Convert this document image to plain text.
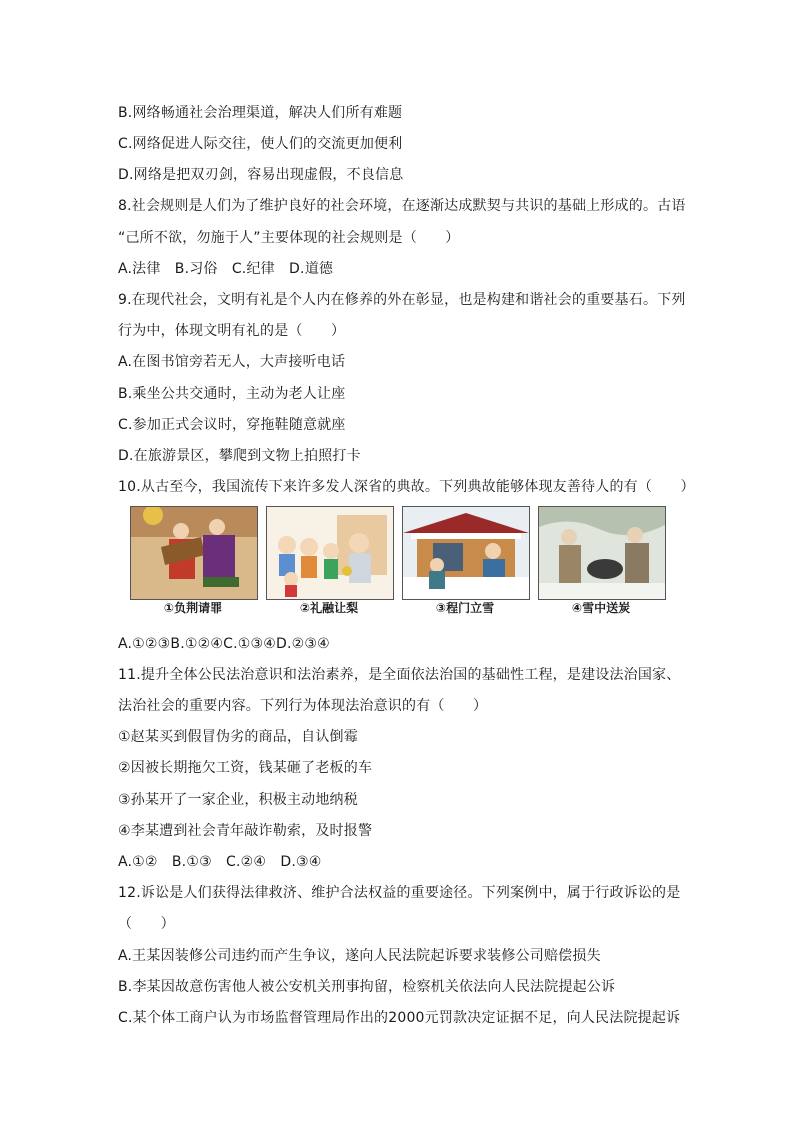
B.网络畅通社会治理渠道，解决人们所有难题
C.网络促进人际交往，使人们的交流更加便利
D.网络是把双刃剑，容易出现虚假，不良信息
8.社会规则是人们为了维护良好的社会环境，在逐渐达成默契与共识的基础上形成的。古语
“己所不欲，勿施于人”主要体现的社会规则是（　　）
A.法律　B.习俗　C.纪律　D.道德
9.在现代社会，文明有礼是个人内在修养的外在彰显，也是构建和谐社会的重要基石。下列
行为中，体现文明有礼的是（　　）
A.在图书馆旁若无人，大声接听电话
B.乘坐公共交通时，主动为老人让座
C.参加正式会议时，穿拖鞋随意就座
D.在旅游景区，攀爬到文物上拍照打卡
10.从古至今，我国流传下来许多发人深省的典故。下列典故能够体现友善待人的有（　　）
①负荆请罪	②礼融让梨	③程门立雪	④雪中送炭
A.①②③B.①②④C.①③④D.②③④
11.提升全体公民法治意识和法治素养，是全面依法治国的基础性工程，是建设法治国家、
法治社会的重要内容。下列行为体现法治意识的有（　　）
①赵某买到假冒伪劣的商品，自认倒霉
②因被长期拖欠工资，钱某砸了老板的车
③孙某开了一家企业，积极主动地纳税
④李某遭到社会青年敲诈勒索，及时报警
A.①②　B.①③　C.②④　D.③④
12.诉讼是人们获得法律救济、维护合法权益的重要途径。下列案例中，属于行政诉讼的是
（　　）
A.王某因装修公司违约而产生争议，遂向人民法院起诉要求装修公司赔偿损失
B.李某因故意伤害他人被公安机关刑事拘留，检察机关依法向人民法院提起公诉
C.某个体工商户认为市场监督管理局作出的2000元罚款决定证据不足，向人民法院提起诉
